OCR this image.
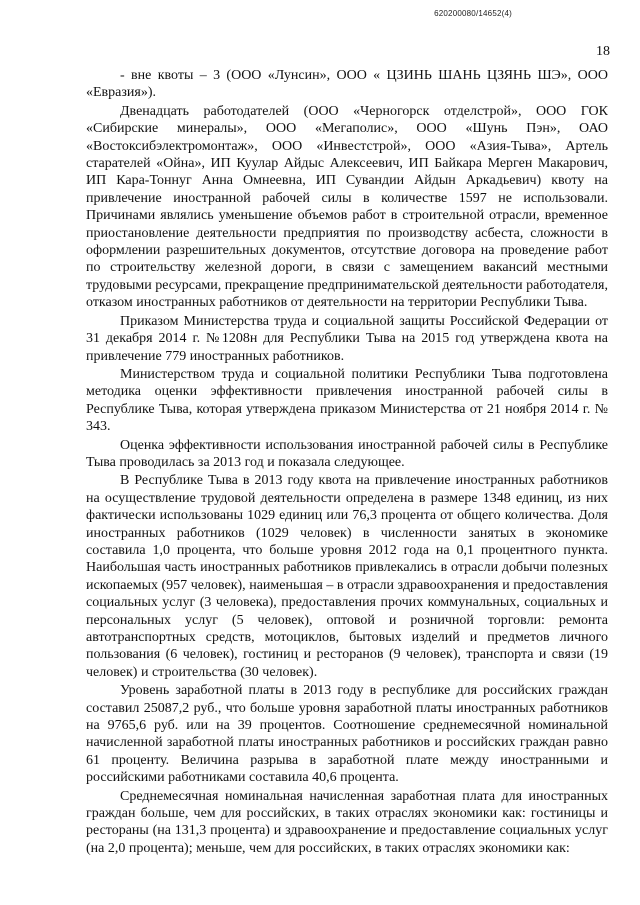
620200080/14652(4)
18

- вне квоты – 3 (ООО «Лунсин», ООО « ЦЗИНЬ ШАНЬ ЦЗЯНЬ ШЭ», ООО «Евразия»).

Двенадцать работодателей (ООО «Черногорск отделстрой», ООО ГОК «Сибирские минералы», ООО «Мегаполис», ООО «Шунь Пэн», ОАО «Востоксибэлектромонтаж», ООО «Инвестстрой», ООО «Азия-Тыва», Артель старателей «Ойна», ИП Куулар Айдыс Алексеевич, ИП Байкара Мерген Макарович, ИП Кара-Тоннуг Анна Омнеевна, ИП Сувандии Айдын Аркадьевич) квоту на привлечение иностранной рабочей силы в количестве 1597 не использовали. Причинами являлись уменьшение объемов работ в строительной отрасли, временное приостановление деятельности предприятия по производству асбеста, сложности в оформлении разрешительных документов, отсутствие договора на проведение работ по строительству железной дороги, в связи с замещением вакансий местными трудовыми ресурсами, прекращение предпринимательской деятельности работодателя, отказом иностранных работников от деятельности на территории Республики Тыва.

Приказом Министерства труда и социальной защиты Российской Федерации от 31 декабря 2014 г. №1208н для Республики Тыва на 2015 год утверждена квота на привлечение 779 иностранных работников.

Министерством труда и социальной политики Республики Тыва подготовлена методика оценки эффективности привлечения иностранной рабочей силы в Республике Тыва, которая утверждена приказом Министерства от 21 ноября 2014 г. № 343.

Оценка эффективности использования иностранной рабочей силы в Республике Тыва проводилась за 2013 год и показала следующее.

В Республике Тыва в 2013 году квота на привлечение иностранных работников на осуществление трудовой деятельности определена в размере 1348 единиц, из них фактически использованы 1029 единиц или 76,3 процента от общего количества. Доля иностранных работников (1029 человек) в численности занятых в экономике составила 1,0 процента, что больше уровня 2012 года на 0,1 процентного пункта. Наибольшая часть иностранных работников привлекались в отрасли добычи полезных ископаемых (957 человек), наименьшая – в отрасли здравоохранения и предоставления социальных услуг (3 человека), предоставления прочих коммунальных, социальных и персональных услуг (5 человек), оптовой и розничной торговли: ремонта автотранспортных средств, мотоциклов, бытовых изделий и предметов личного пользования (6 человек), гостиниц и ресторанов (9 человек), транспорта и связи (19 человек) и строительства (30 человек).

Уровень заработной платы в 2013 году в республике для российских граждан составил 25087,2 руб., что больше уровня заработной платы иностранных работников на 9765,6 руб. или на 39 процентов. Соотношение среднемесячной номинальной начисленной заработной платы иностранных работников и российских граждан равно 61 проценту. Величина разрыва в заработной плате между иностранными и российскими работниками составила 40,6 процента.

Среднемесячная номинальная начисленная заработная плата для иностранных граждан больше, чем для российских, в таких отраслях экономики как: гостиницы и рестораны (на 131,3 процента) и здравоохранение и предоставление социальных услуг (на 2,0 процента); меньше, чем для российских, в таких отраслях экономики как:
